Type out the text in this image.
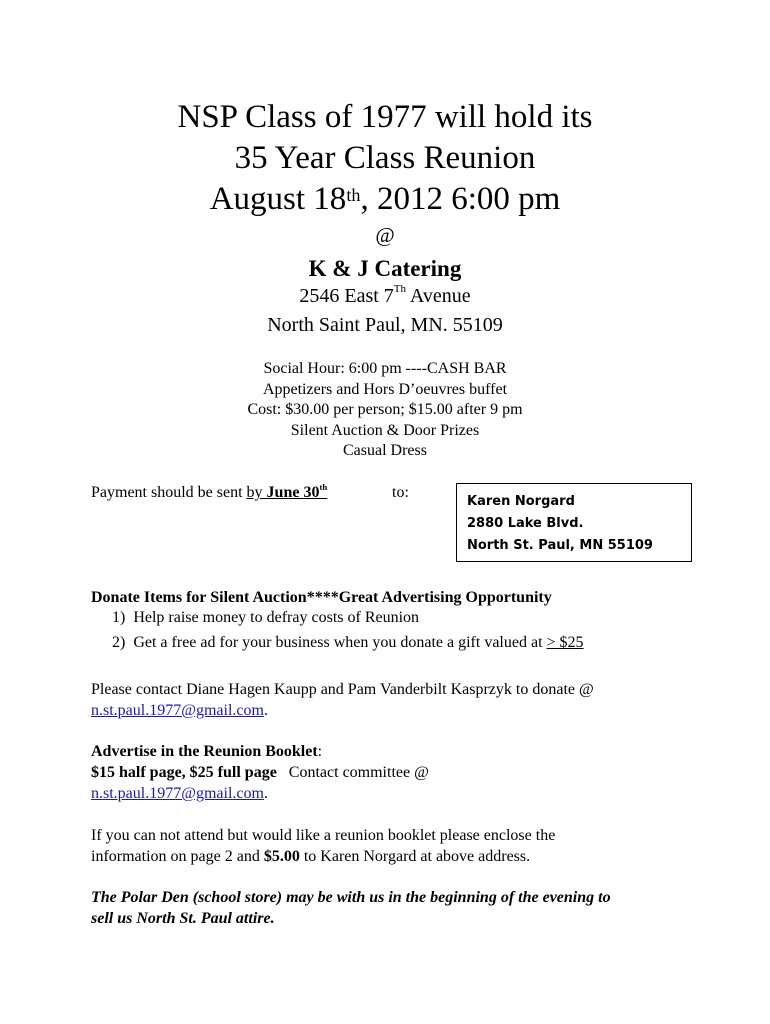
NSP Class of 1977 will hold its
35 Year Class Reunion
August 18th, 2012 6:00 pm
@
K & J Catering
2546 East 7Th Avenue
North Saint Paul, MN. 55109
Social Hour: 6:00 pm ----CASH BAR
Appetizers and Hors D’oeuvres buffet
Cost: $30.00 per person; $15.00 after 9 pm
Silent Auction & Door Prizes
Casual Dress
Payment should be sent by June 30th	to:
Karen Norgard
2880 Lake Blvd.
North St. Paul, MN 55109
Donate Items for Silent Auction****Great Advertising Opportunity
1) Help raise money to defray costs of Reunion
2) Get a free ad for your business when you donate a gift valued at > $25
Please contact Diane Hagen Kaupp and Pam Vanderbilt Kasprzyk to donate @
n.st.paul.1977@gmail.com.
Advertise in the Reunion Booklet:
$15 half page, $25 full page   Contact committee @
n.st.paul.1977@gmail.com.
If you can not attend but would like a reunion booklet please enclose the
information on page 2 and $5.00 to Karen Norgard at above address.
The Polar Den (school store) may be with us in the beginning of the evening to
sell us North St. Paul attire.
